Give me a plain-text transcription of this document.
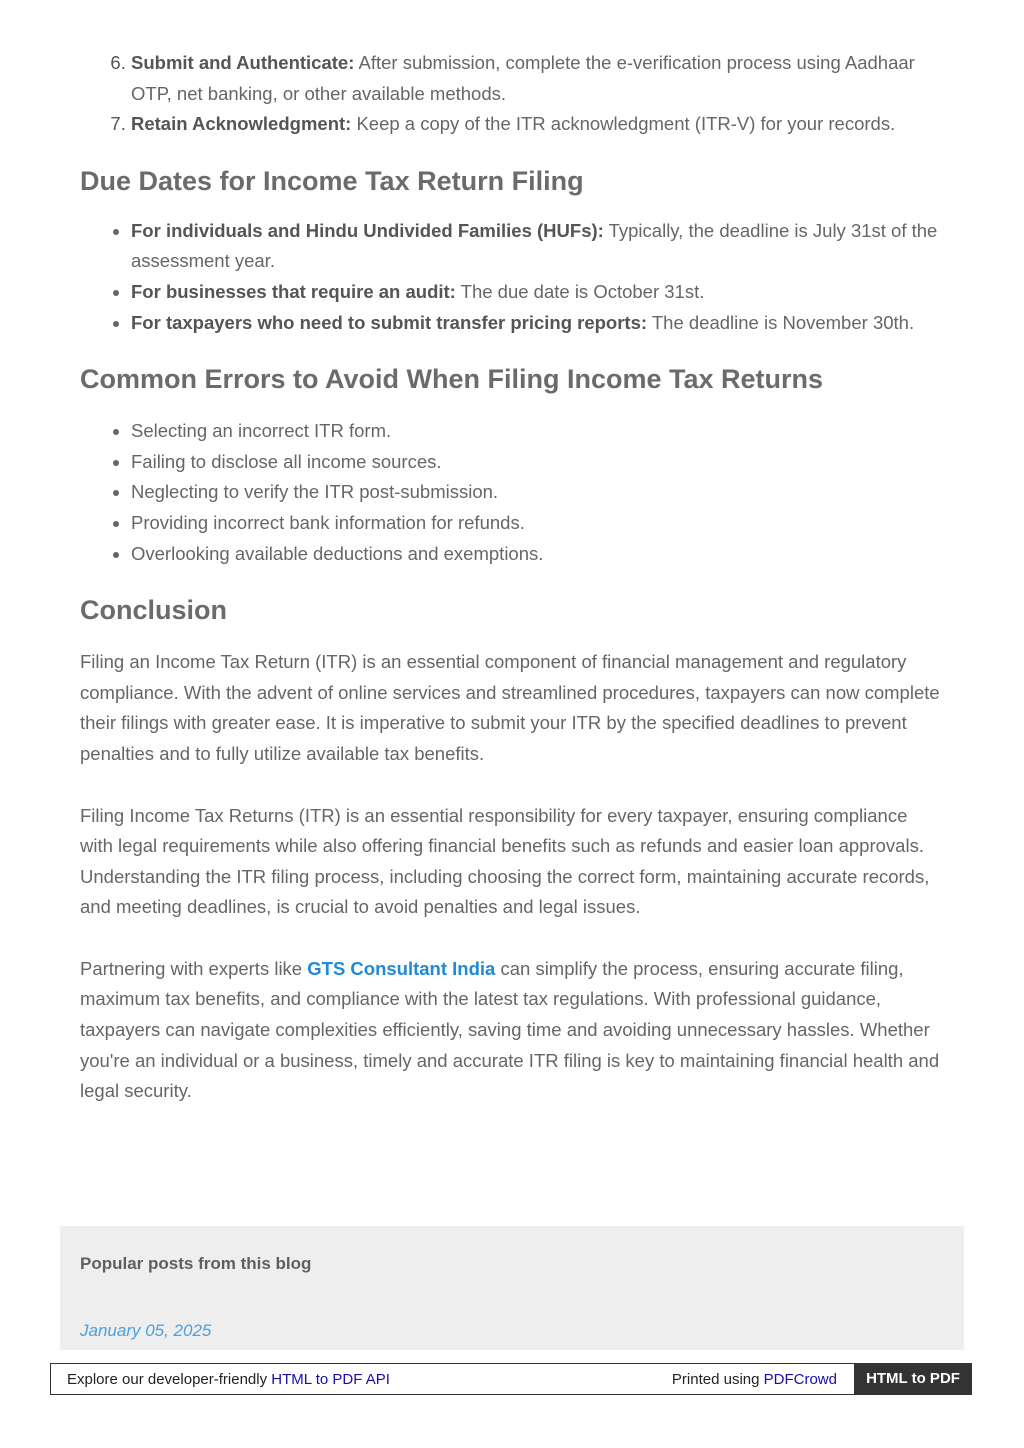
6. Submit and Authenticate: After submission, complete the e-verification process using Aadhaar OTP, net banking, or other available methods.
7. Retain Acknowledgment: Keep a copy of the ITR acknowledgment (ITR-V) for your records.
Due Dates for Income Tax Return Filing
• For individuals and Hindu Undivided Families (HUFs): Typically, the deadline is July 31st of the assessment year.
• For businesses that require an audit: The due date is October 31st.
• For taxpayers who need to submit transfer pricing reports: The deadline is November 30th.
Common Errors to Avoid When Filing Income Tax Returns
• Selecting an incorrect ITR form.
• Failing to disclose all income sources.
• Neglecting to verify the ITR post-submission.
• Providing incorrect bank information for refunds.
• Overlooking available deductions and exemptions.
Conclusion

Filing an Income Tax Return (ITR) is an essential component of financial management and regulatory compliance. With the advent of online services and streamlined procedures, taxpayers can now complete their filings with greater ease. It is imperative to submit your ITR by the specified deadlines to prevent penalties and to fully utilize available tax benefits.

Filing Income Tax Returns (ITR) is an essential responsibility for every taxpayer, ensuring compliance with legal requirements while also offering financial benefits such as refunds and easier loan approvals. Understanding the ITR filing process, including choosing the correct form, maintaining accurate records, and meeting deadlines, is crucial to avoid penalties and legal issues.

Partnering with experts like GTS Consultant India can simplify the process, ensuring accurate filing, maximum tax benefits, and compliance with the latest tax regulations. With professional guidance, taxpayers can navigate complexities efficiently, saving time and avoiding unnecessary hassles. Whether you're an individual or a business, timely and accurate ITR filing is key to maintaining financial health and legal security.

Popular posts from this blog
January 05, 2025
Explore our developer-friendly HTML to PDF API	Printed using PDFCrowd	HTML to PDF
